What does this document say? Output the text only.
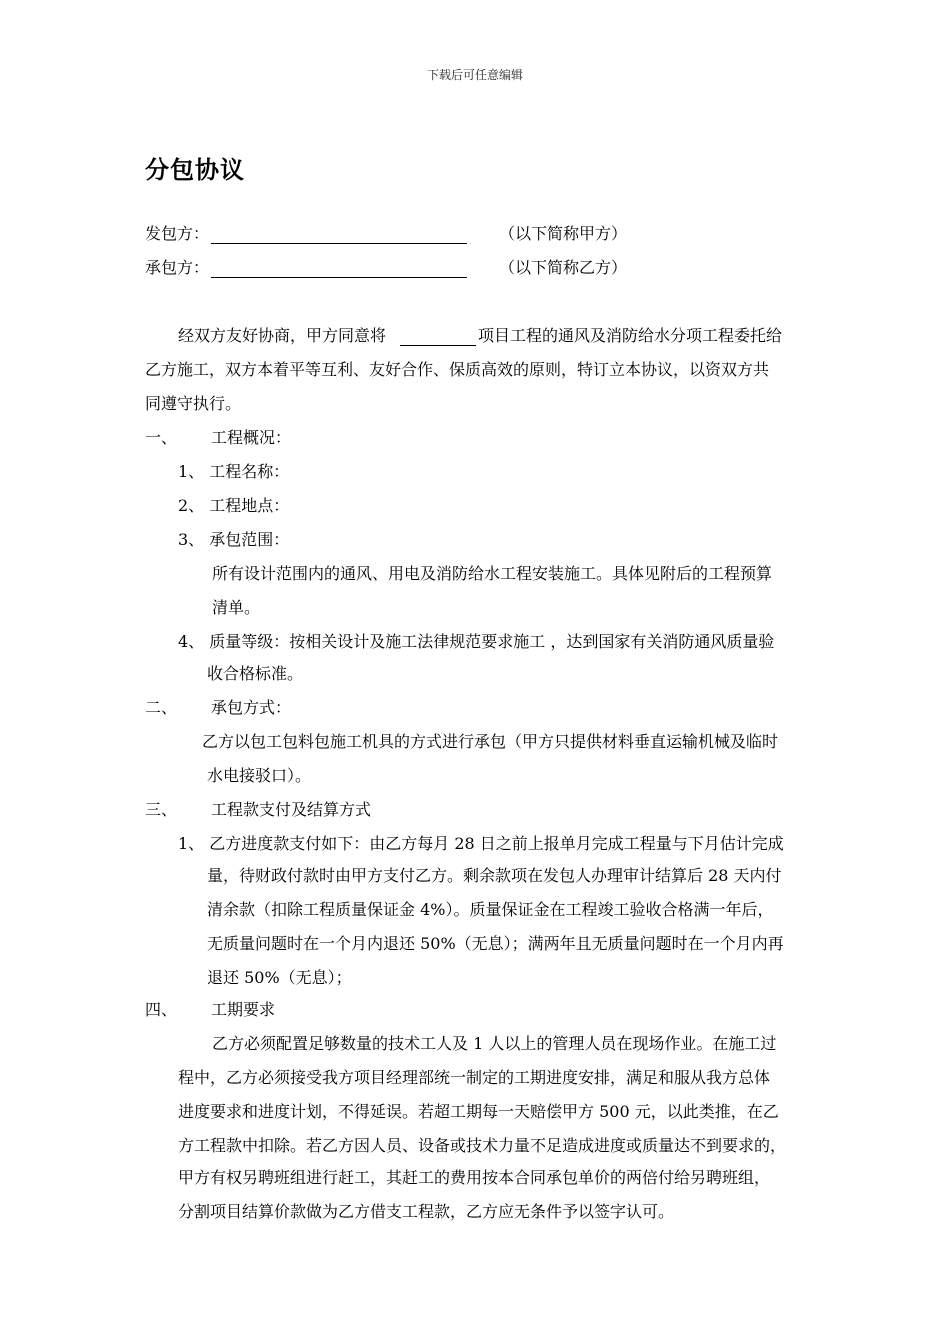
下载后可任意编辑
分包协议
发包方：	（以下简称甲方）
承包方：	（以下简称乙方）
经双方友好协商，甲方同意将	项目工程的通风及消防给水分项工程委托给
乙方施工，双方本着平等互利、友好合作、保质高效的原则，特订立本协议，以资双方共
同遵守执行。
一、 工程概况：
1、 工程名称：
2、 工程地点：
3、 承包范围：
所有设计范围内的通风、用电及消防给水工程安装施工。具体见附后的工程预算
清单。
4、 质量等级：按相关设计及施工法律规范要求施工 ，达到国家有关消防通风质量验
收合格标准。
二、 承包方式：
乙方以包工包料包施工机具的方式进行承包（甲方只提供材料垂直运输机械及临时
水电接驳口）。
三、 工程款支付及结算方式
1、 乙方进度款支付如下：由乙方每月 28 日之前上报单月完成工程量与下月估计完成
量，待财政付款时由甲方支付乙方。剩余款项在发包人办理审计结算后 28 天内付
清余款（扣除工程质量保证金 4%）。质量保证金在工程竣工验收合格满一年后，
无质量问题时在一个月内退还 50%（无息）；满两年且无质量问题时在一个月内再
退还 50%（无息）；
四、 工期要求
乙方必须配置足够数量的技术工人及 1 人以上的管理人员在现场作业。在施工过
程中，乙方必须接受我方项目经理部统一制定的工期进度安排，满足和服从我方总体
进度要求和进度计划，不得延误。若超工期每一天赔偿甲方 500 元，以此类推，在乙
方工程款中扣除。若乙方因人员、设备或技术力量不足造成进度或质量达不到要求的，
甲方有权另聘班组进行赶工，其赶工的费用按本合同承包单价的两倍付给另聘班组，
分割项目结算价款做为乙方借支工程款，乙方应无条件予以签字认可。
